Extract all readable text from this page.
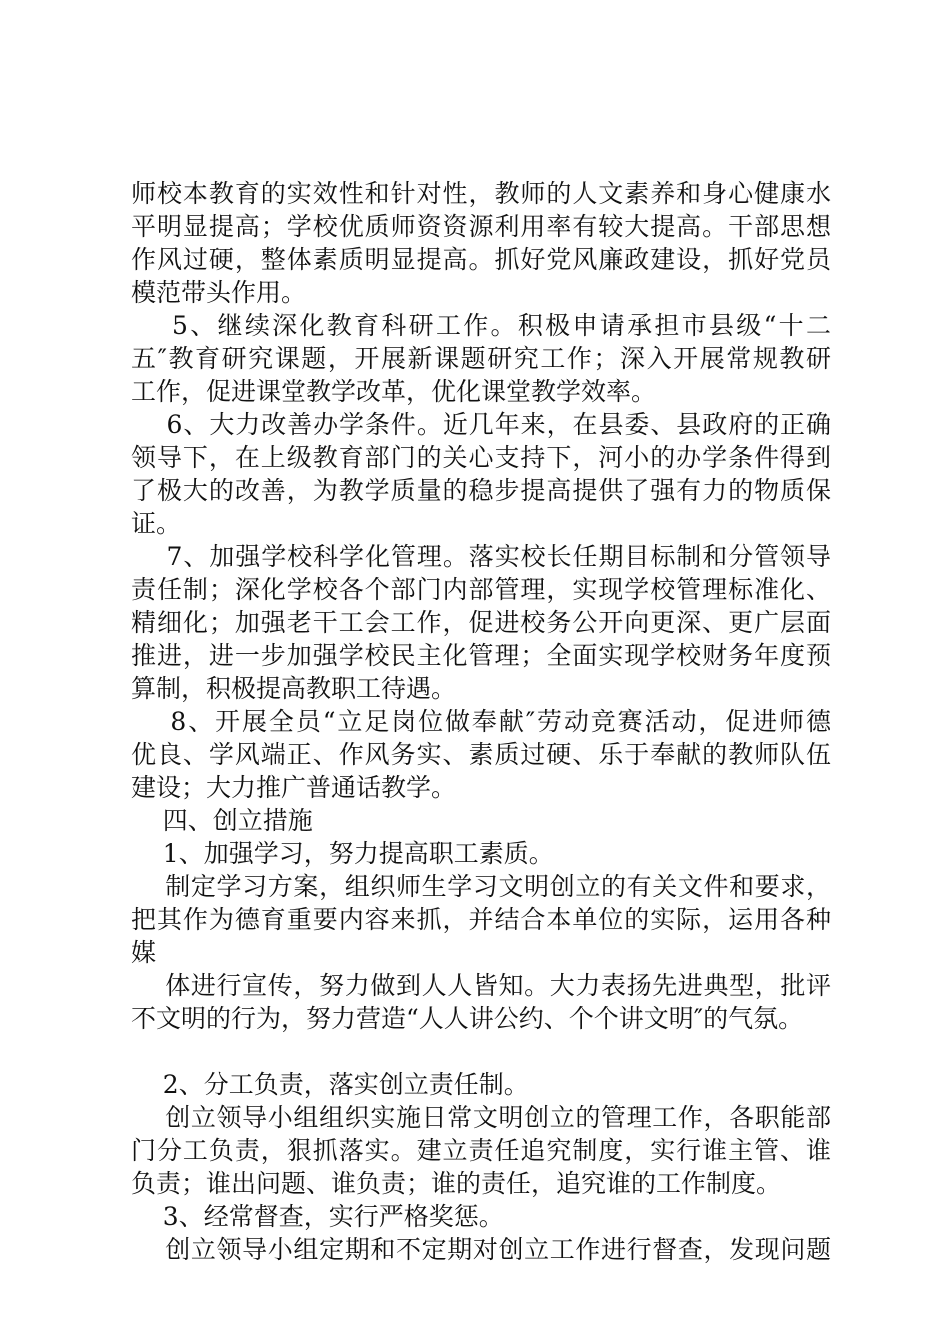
师校本教育的实效性和针对性，教师的人文素养和身心健康水
平明显提高；学校优质师资资源利用率有较大提高。干部思想
作风过硬，整体素质明显提高。抓好党风廉政建设，抓好党员
模范带头作用。
5、继续深化教育科研工作。积极申请承担市县级“十二
五″教育研究课题，开展新课题研究工作；深入开展常规教研
工作，促进课堂教学改革，优化课堂教学效率。
6、大力改善办学条件。近几年来，在县委、县政府的正确
领导下，在上级教育部门的关心支持下，河小的办学条件得到
了极大的改善，为教学质量的稳步提高提供了强有力的物质保
证。
7、加强学校科学化管理。落实校长任期目标制和分管领导
责任制；深化学校各个部门内部管理，实现学校管理标准化、
精细化；加强老干工会工作，促进校务公开向更深、更广层面
推进，进一步加强学校民主化管理；全面实现学校财务年度预
算制，积极提高教职工待遇。
8、开展全员“立足岗位做奉献″劳动竞赛活动，促进师德
优良、学风端正、作风务实、素质过硬、乐于奉献的教师队伍
建设；大力推广普通话教学。
四、创立措施
1、加强学习，努力提高职工素质。
制定学习方案，组织师生学习文明创立的有关文件和要求，
把其作为德育重要内容来抓，并结合本单位的实际，运用各种
媒
体进行宣传，努力做到人人皆知。大力表扬先进典型，批评
不文明的行为，努力营造“人人讲公约、个个讲文明″的气氛。
2、分工负责，落实创立责任制。
创立领导小组组织实施日常文明创立的管理工作，各职能部
门分工负责，狠抓落实。建立责任追究制度，实行谁主管、谁
负责；谁出问题、谁负责；谁的责任，追究谁的工作制度。
3、经常督查，实行严格奖惩。
创立领导小组定期和不定期对创立工作进行督查，发现问题
